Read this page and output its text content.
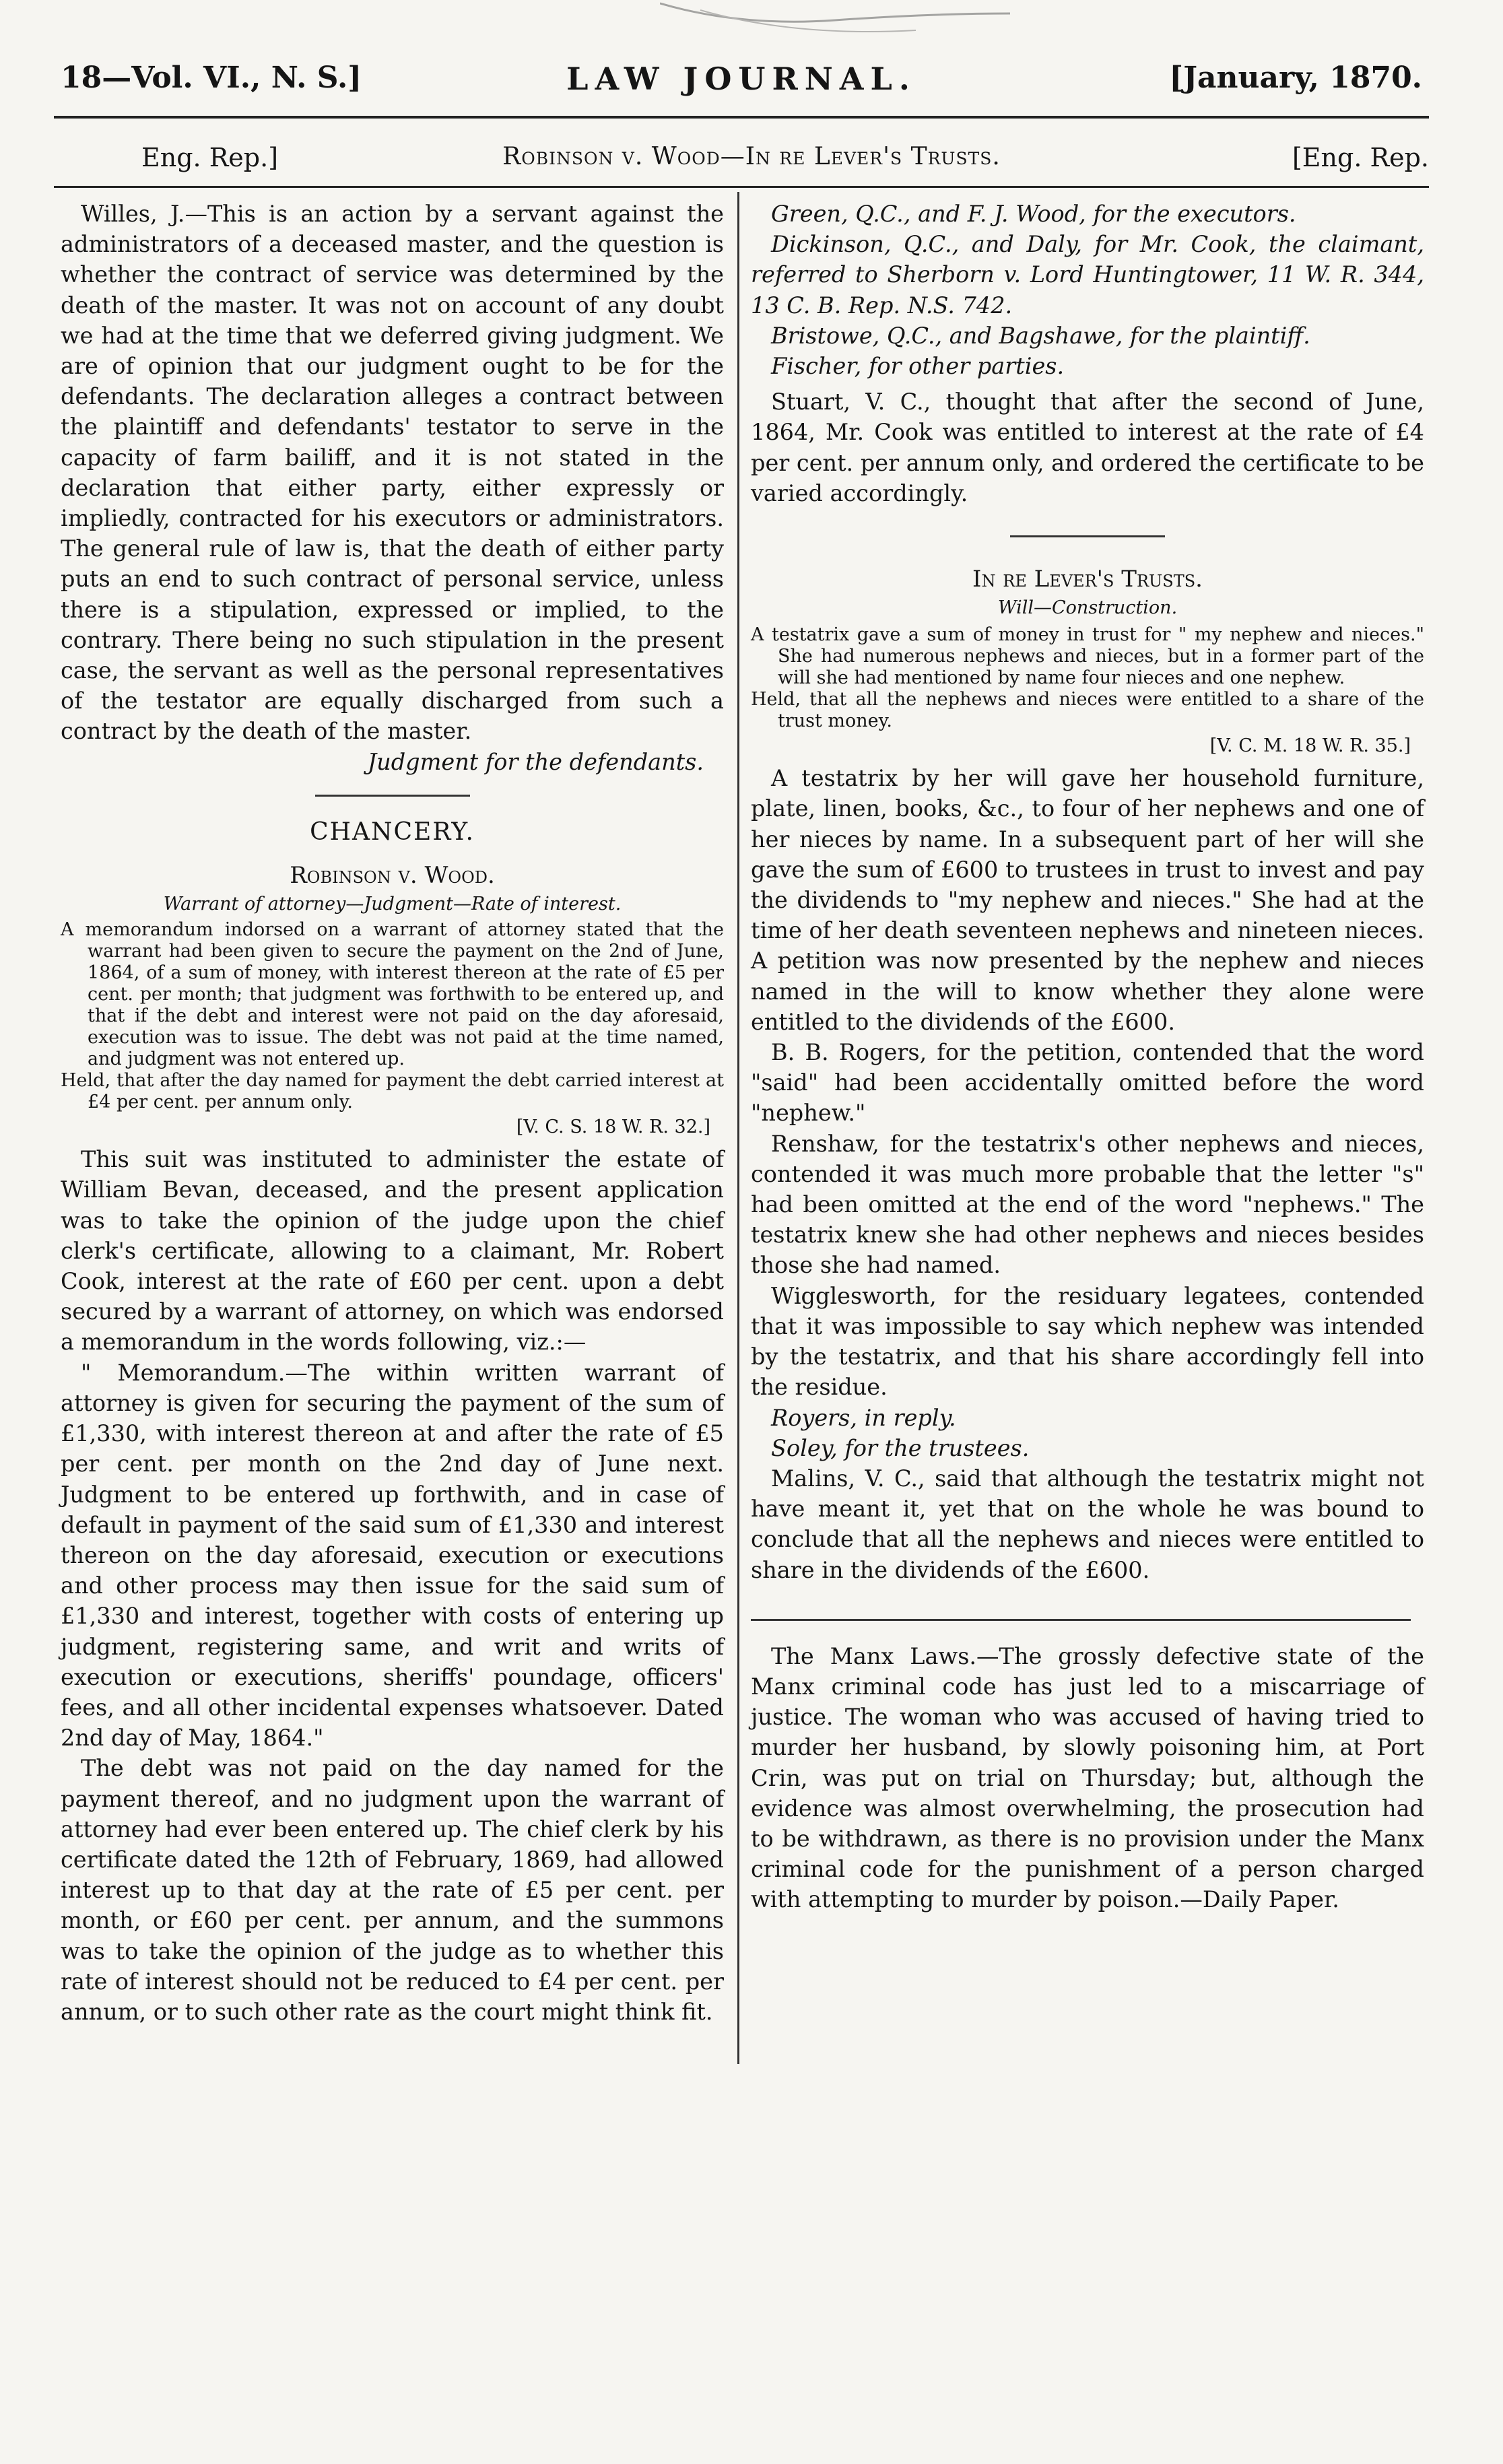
18—Vol. VI., N. S.]	LAW JOURNAL.	[January, 1870.
Eng. Rep.]	Robinson v. Wood—In re Lever's Trusts.	[Eng. Rep.

Willes, J.—This is an action by a servant against the administrators of a deceased master, and the question is whether the contract of service was determined by the death of the master. It was not on account of any doubt we had at the time that we deferred giving judgment. We are of opinion that our judgment ought to be for the defendants. The declaration alleges a contract between the plaintiff and defendants' testator to serve in the capacity of farm bailiff, and it is not stated in the declaration that either party, either expressly or impliedly, contracted for his executors or administrators. The general rule of law is, that the death of either party puts an end to such contract of personal service, unless there is a stipulation, expressed or implied, to the contrary. There being no such stipulation in the present case, the servant as well as the personal representatives of the testator are equally discharged from such a contract by the death of the master.

Judgment for the defendants.

CHANCERY.
Robinson v. Wood.

Warrant of attorney—Judgment—Rate of interest.

A memorandum indorsed on a warrant of attorney stated that the warrant had been given to secure the payment on the 2nd of June, 1864, of a sum of money, with interest thereon at the rate of £5 per cent. per month; that judgment was forthwith to be entered up, and that if the debt and interest were not paid on the day aforesaid, execution was to issue. The debt was not paid at the time named, and judgment was not entered up.

Held, that after the day named for payment the debt carried interest at £4 per cent. per annum only.

[V. C. S. 18 W. R. 32.]

This suit was instituted to administer the estate of William Bevan, deceased, and the present application was to take the opinion of the judge upon the chief clerk's certificate, allowing to a claimant, Mr. Robert Cook, interest at the rate of £60 per cent. upon a debt secured by a warrant of attorney, on which was endorsed a memorandum in the words following, viz.:—

" Memorandum.—The within written warrant of attorney is given for securing the payment of the sum of £1,330, with interest thereon at and after the rate of £5 per cent. per month on the 2nd day of June next. Judgment to be entered up forthwith, and in case of default in payment of the said sum of £1,330 and interest thereon on the day aforesaid, execution or executions and other process may then issue for the said sum of £1,330 and interest, together with costs of entering up judgment, registering same, and writ and writs of execution or executions, sheriffs' poundage, officers' fees, and all other incidental expenses whatsoever. Dated 2nd day of May, 1864."

The debt was not paid on the day named for the payment thereof, and no judgment upon the warrant of attorney had ever been entered up. The chief clerk by his certificate dated the 12th of February, 1869, had allowed interest up to that day at the rate of £5 per cent. per month, or £60 per cent. per annum, and the summons was to take the opinion of the judge as to whether this rate of interest should not be reduced to £4 per cent. per annum, or to such other rate as the court might think fit.

Green, Q.C., and F. J. Wood, for the executors.

Dickinson, Q.C., and Daly, for Mr. Cook, the claimant, referred to Sherborn v. Lord Huntingtower, 11 W. R. 344, 13 C. B. Rep. N.S. 742.

Bristowe, Q.C., and Bagshawe, for the plaintiff.

Fischer, for other parties.

Stuart, V. C., thought that after the second of June, 1864, Mr. Cook was entitled to interest at the rate of £4 per cent. per annum only, and ordered the certificate to be varied accordingly.

In re Lever's Trusts.

Will—Construction.

A testatrix gave a sum of money in trust for " my nephew and nieces." She had numerous nephews and nieces, but in a former part of the will she had mentioned by name four nieces and one nephew.

Held, that all the nephews and nieces were entitled to a share of the trust money.

[V. C. M. 18 W. R. 35.]

A testatrix by her will gave her household furniture, plate, linen, books, &c., to four of her nephews and one of her nieces by name. In a subsequent part of her will she gave the sum of £600 to trustees in trust to invest and pay the dividends to "my nephew and nieces." She had at the time of her death seventeen nephews and nineteen nieces. A petition was now presented by the nephew and nieces named in the will to know whether they alone were entitled to the dividends of the £600.

B. B. Rogers, for the petition, contended that the word "said" had been accidentally omitted before the word "nephew."

Renshaw, for the testatrix's other nephews and nieces, contended it was much more probable that the letter "s" had been omitted at the end of the word "nephews." The testatrix knew she had other nephews and nieces besides those she had named.

Wigglesworth, for the residuary legatees, contended that it was impossible to say which nephew was intended by the testatrix, and that his share accordingly fell into the residue.

Royers, in reply.

Soley, for the trustees.

Malins, V. C., said that although the testatrix might not have meant it, yet that on the whole he was bound to conclude that all the nephews and nieces were entitled to share in the dividends of the £600.

The Manx Laws.—The grossly defective state of the Manx criminal code has just led to a miscarriage of justice. The woman who was accused of having tried to murder her husband, by slowly poisoning him, at Port Crin, was put on trial on Thursday; but, although the evidence was almost overwhelming, the prosecution had to be withdrawn, as there is no provision under the Manx criminal code for the punishment of a person charged with attempting to murder by poison.—Daily Paper.
